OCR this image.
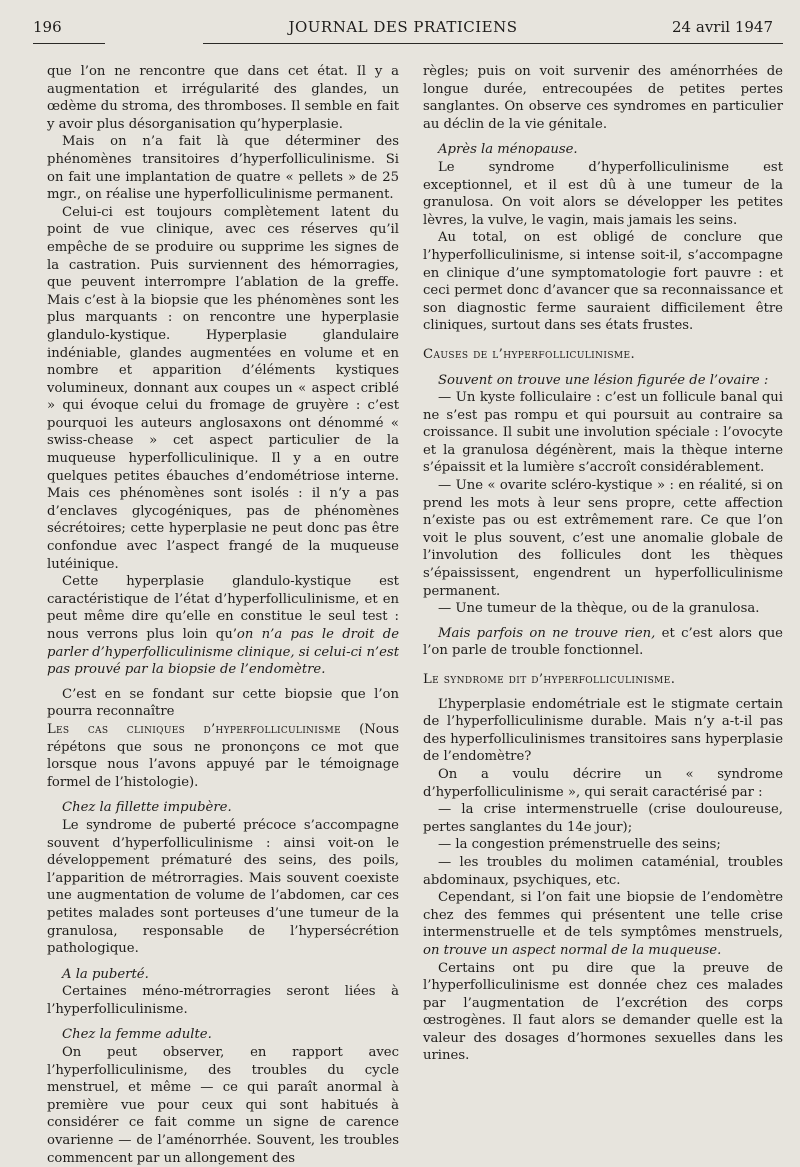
196	JOURNAL DES PRATICIENS	24 avril 1947

que l’on ne rencontre que dans cet état. Il y a augmentation et irrégularité des glandes, un œdème du stroma, des thromboses. Il semble en fait y avoir plus désorganisation qu’hyperplasie.

Mais on n’a fait là que déterminer des phénomènes transitoires d’hyperfolliculinisme. Si on fait une implantation de quatre « pellets » de 25 mgr., on réalise une hyperfolliculinisme permanent.

Celui-ci est toujours complètement latent du point de vue clinique, avec ces réserves qu’il empêche de se produire ou supprime les signes de la castration. Puis surviennent des hémorragies, que peuvent interrompre l’ablation de la greffe. Mais c’est à la biopsie que les phénomènes sont les plus marquants : on rencontre une hyperplasie glandulo-kystique. Hyperplasie glandulaire indéniable, glandes augmentées en volume et en nombre et apparition d’éléments kystiques volumineux, donnant aux coupes un « aspect criblé » qui évoque celui du fromage de gruyère : c’est pourquoi les auteurs anglosaxons ont dénommé « swiss-chease » cet aspect particulier de la muqueuse hyperfolliculinique. Il y a en outre quelques petites ébauches d’endométriose interne. Mais ces phénomènes sont isolés : il n’y a pas d’enclaves glycogéniques, pas de phénomènes sécrétoires; cette hyperplasie ne peut donc pas être confondue avec l’aspect frangé de la muqueuse lutéinique.

Cette hyperplasie glandulo-kystique est caractéristique de l’état d’hyperfolliculinisme, et en peut même dire qu’elle en constitue le seul test : nous verrons plus loin qu’on n’a pas le droit de parler d’hyperfolliculinisme clinique, si celui-ci n’est pas prouvé par la biopsie de l’endomètre.

C’est en se fondant sur cette biopsie que l’on pourra reconnaître

Les cas cliniques d’hyperfolliculinisme (Nous répétons que sous ne prononçons ce mot que lorsque nous l’avons appuyé par le témoignage formel de l’histologie).

Chez la fillette impubère.

Le syndrome de puberté précoce s’accompagne souvent d’hyperfolliculinisme : ainsi voit-on le développement prématuré des seins, des poils, l’apparition de métrorragies. Mais souvent coexiste une augmentation de volume de l’abdomen, car ces petites malades sont porteuses d’une tumeur de la granulosa, responsable de l’hypersécrétion pathologique.

A la puberté.

Certaines méno-métrorragies seront liées à l’hyperfolliculinisme.

Chez la femme adulte.

On peut observer, en rapport avec l’hyperfolliculinisme, des troubles du cycle menstruel, et même — ce qui paraît anormal à première vue pour ceux qui sont habitués à considérer ce fait comme un signe de carence ovarienne — de l’aménorrhée. Souvent, les troubles commencent par un allongement des

règles; puis on voit survenir des aménorrhées de longue durée, entrecoupées de petites pertes sanglantes. On observe ces syndromes en particulier au déclin de la vie génitale.

Après la ménopause.

Le syndrome d’hyperfolliculinisme est exceptionnel, et il est dû à une tumeur de la granulosa. On voit alors se développer les petites lèvres, la vulve, le vagin, mais jamais les seins.

Au total, on est obligé de conclure que l’hyperfolliculinisme, si intense soit-il, s’accompagne en clinique d’une symptomatologie fort pauvre : et ceci permet donc d’avancer que sa reconnaissance et son diagnostic ferme sauraient difficilement être cliniques, surtout dans ses états frustes.

Causes de l’hyperfolliculinisme.

Souvent on trouve une lésion figurée de l’ovaire :

— Un kyste folliculaire : c’est un follicule banal qui ne s’est pas rompu et qui poursuit au contraire sa croissance. Il subit une involution spéciale : l’ovocyte et la granulosa dégénèrent, mais la thèque interne s’épaissit et la lumière s’accroît considérablement.

— Une « ovarite scléro-kystique » : en réalité, si on prend les mots à leur sens propre, cette affection n’existe pas ou est extrêmement rare. Ce que l’on voit le plus souvent, c’est une anomalie globale de l’involution des follicules dont les thèques s’épaississent, engendrent un hyperfolliculinisme permanent.

— Une tumeur de la thèque, ou de la granulosa.

Mais parfois on ne trouve rien, et c’est alors que l’on parle de trouble fonctionnel.

Le syndrome dit d’hyperfolliculinisme.

L’hyperplasie endométriale est le stigmate certain de l’hyperfolliculinisme durable. Mais n’y a-t-il pas des hyperfolliculinismes transitoires sans hyperplasie de l’endomètre?

On a voulu décrire un « syndrome d’hyperfolliculinisme », qui serait caractérisé par :

— la crise intermenstruelle (crise douloureuse, pertes sanglantes du 14e jour);

— la congestion prémenstruelle des seins;

— les troubles du molimen cataménial, troubles abdominaux, psychiques, etc.

Cependant, si l’on fait une biopsie de l’endomètre chez des femmes qui présentent une telle crise intermenstruelle et de tels symptômes menstruels, on trouve un aspect normal de la muqueuse.

Certains ont pu dire que la preuve de l’hyperfolliculinisme est donnée chez ces malades par l’augmentation de l’excrétion des corps œstrogènes. Il faut alors se demander quelle est la valeur des dosages d’hormones sexuelles dans les urines.
